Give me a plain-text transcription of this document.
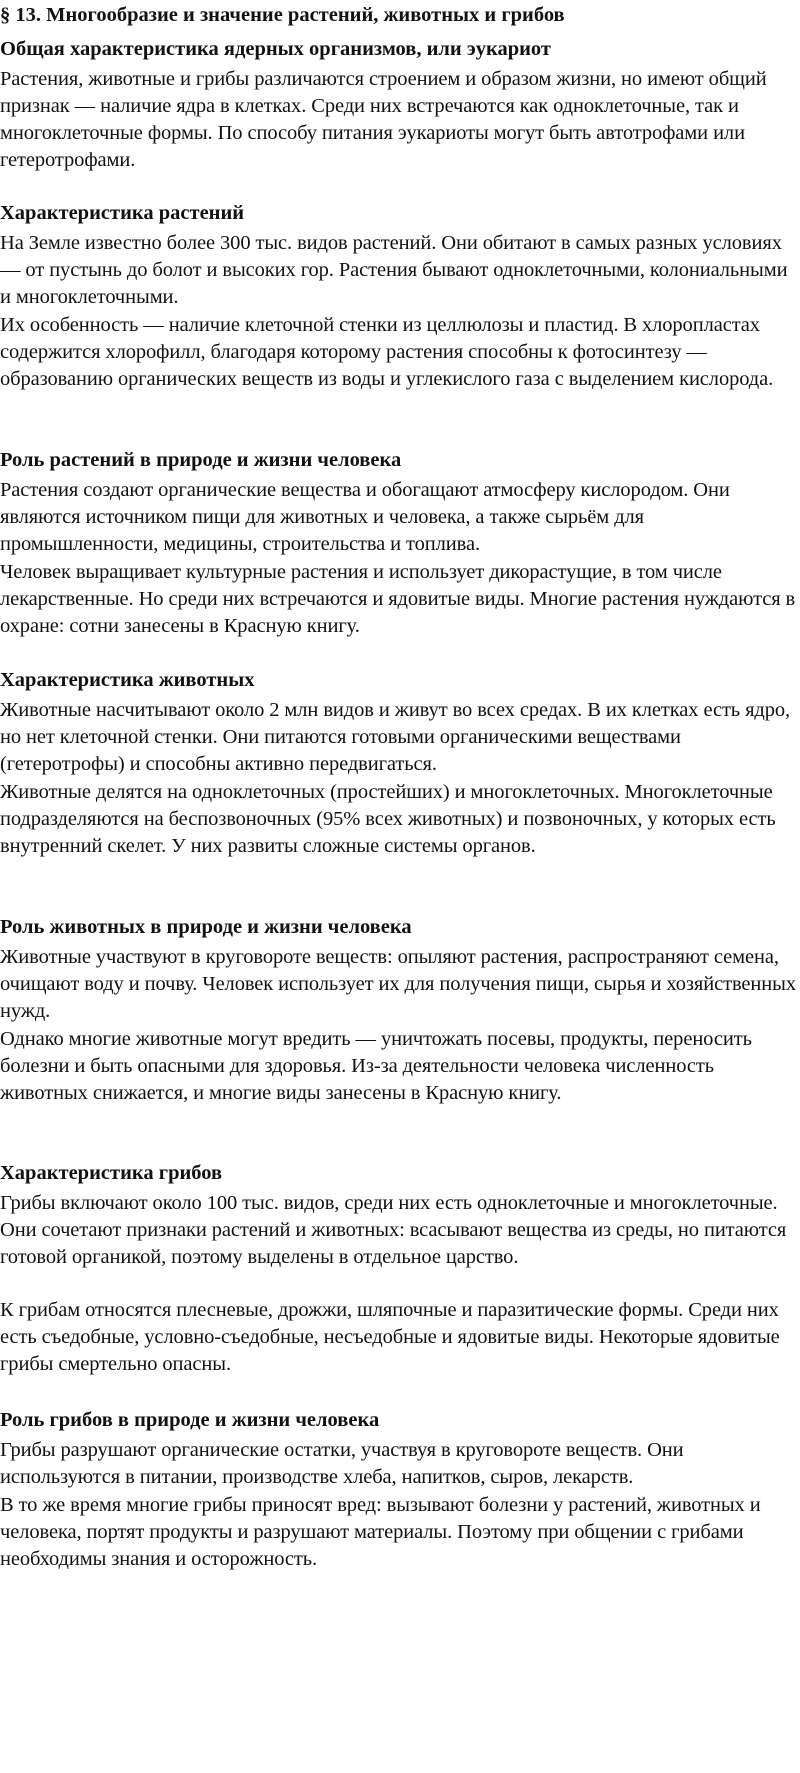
§ 13. Многообразие и значение растений, животных и грибов
Общая характеристика ядерных организмов, или эукариот
Растения, животные и грибы различаются строением и образом жизни, но имеют общий признак — наличие ядра в клетках. Среди них встречаются как одноклеточные, так и многоклеточные формы. По способу питания эукариоты могут быть автотрофами или гетеротрофами.
Характеристика растений
На Земле известно более 300 тыс. видов растений. Они обитают в самых разных условиях — от пустынь до болот и высоких гор. Растения бывают одноклеточными, колониальными и многоклеточными.
Их особенность — наличие клеточной стенки из целлюлозы и пластид. В хлоропластах содержится хлорофилл, благодаря которому растения способны к фотосинтезу — образованию органических веществ из воды и углекислого газа с выделением кислорода.
Роль растений в природе и жизни человека
Растения создают органические вещества и обогащают атмосферу кислородом. Они являются источником пищи для животных и человека, а также сырьём для промышленности, медицины, строительства и топлива.
Человек выращивает культурные растения и использует дикорастущие, в том числе лекарственные. Но среди них встречаются и ядовитые виды. Многие растения нуждаются в охране: сотни занесены в Красную книгу.
Характеристика животных
Животные насчитывают около 2 млн видов и живут во всех средах. В их клетках есть ядро, но нет клеточной стенки. Они питаются готовыми органическими веществами (гетеротрофы) и способны активно передвигаться.
Животные делятся на одноклеточных (простейших) и многоклеточных. Многоклеточные подразделяются на беспозвоночных (95% всех животных) и позвоночных, у которых есть внутренний скелет. У них развиты сложные системы органов.
Роль животных в природе и жизни человека
Животные участвуют в круговороте веществ: опыляют растения, распространяют семена, очищают воду и почву. Человек использует их для получения пищи, сырья и хозяйственных нужд.
Однако многие животные могут вредить — уничтожать посевы, продукты, переносить болезни и быть опасными для здоровья. Из-за деятельности человека численность животных снижается, и многие виды занесены в Красную книгу.
Характеристика грибов
Грибы включают около 100 тыс. видов, среди них есть одноклеточные и многоклеточные. Они сочетают признаки растений и животных: всасывают вещества из среды, но питаются готовой органикой, поэтому выделены в отдельное царство.
К грибам относятся плесневые, дрожжи, шляпочные и паразитические формы. Среди них есть съедобные, условно-съедобные, несъедобные и ядовитые виды. Некоторые ядовитые грибы смертельно опасны.
Роль грибов в природе и жизни человека
Грибы разрушают органические остатки, участвуя в круговороте веществ. Они используются в питании, производстве хлеба, напитков, сыров, лекарств.
В то же время многие грибы приносят вред: вызывают болезни у растений, животных и человека, портят продукты и разрушают материалы. Поэтому при общении с грибами необходимы знания и осторожность.
